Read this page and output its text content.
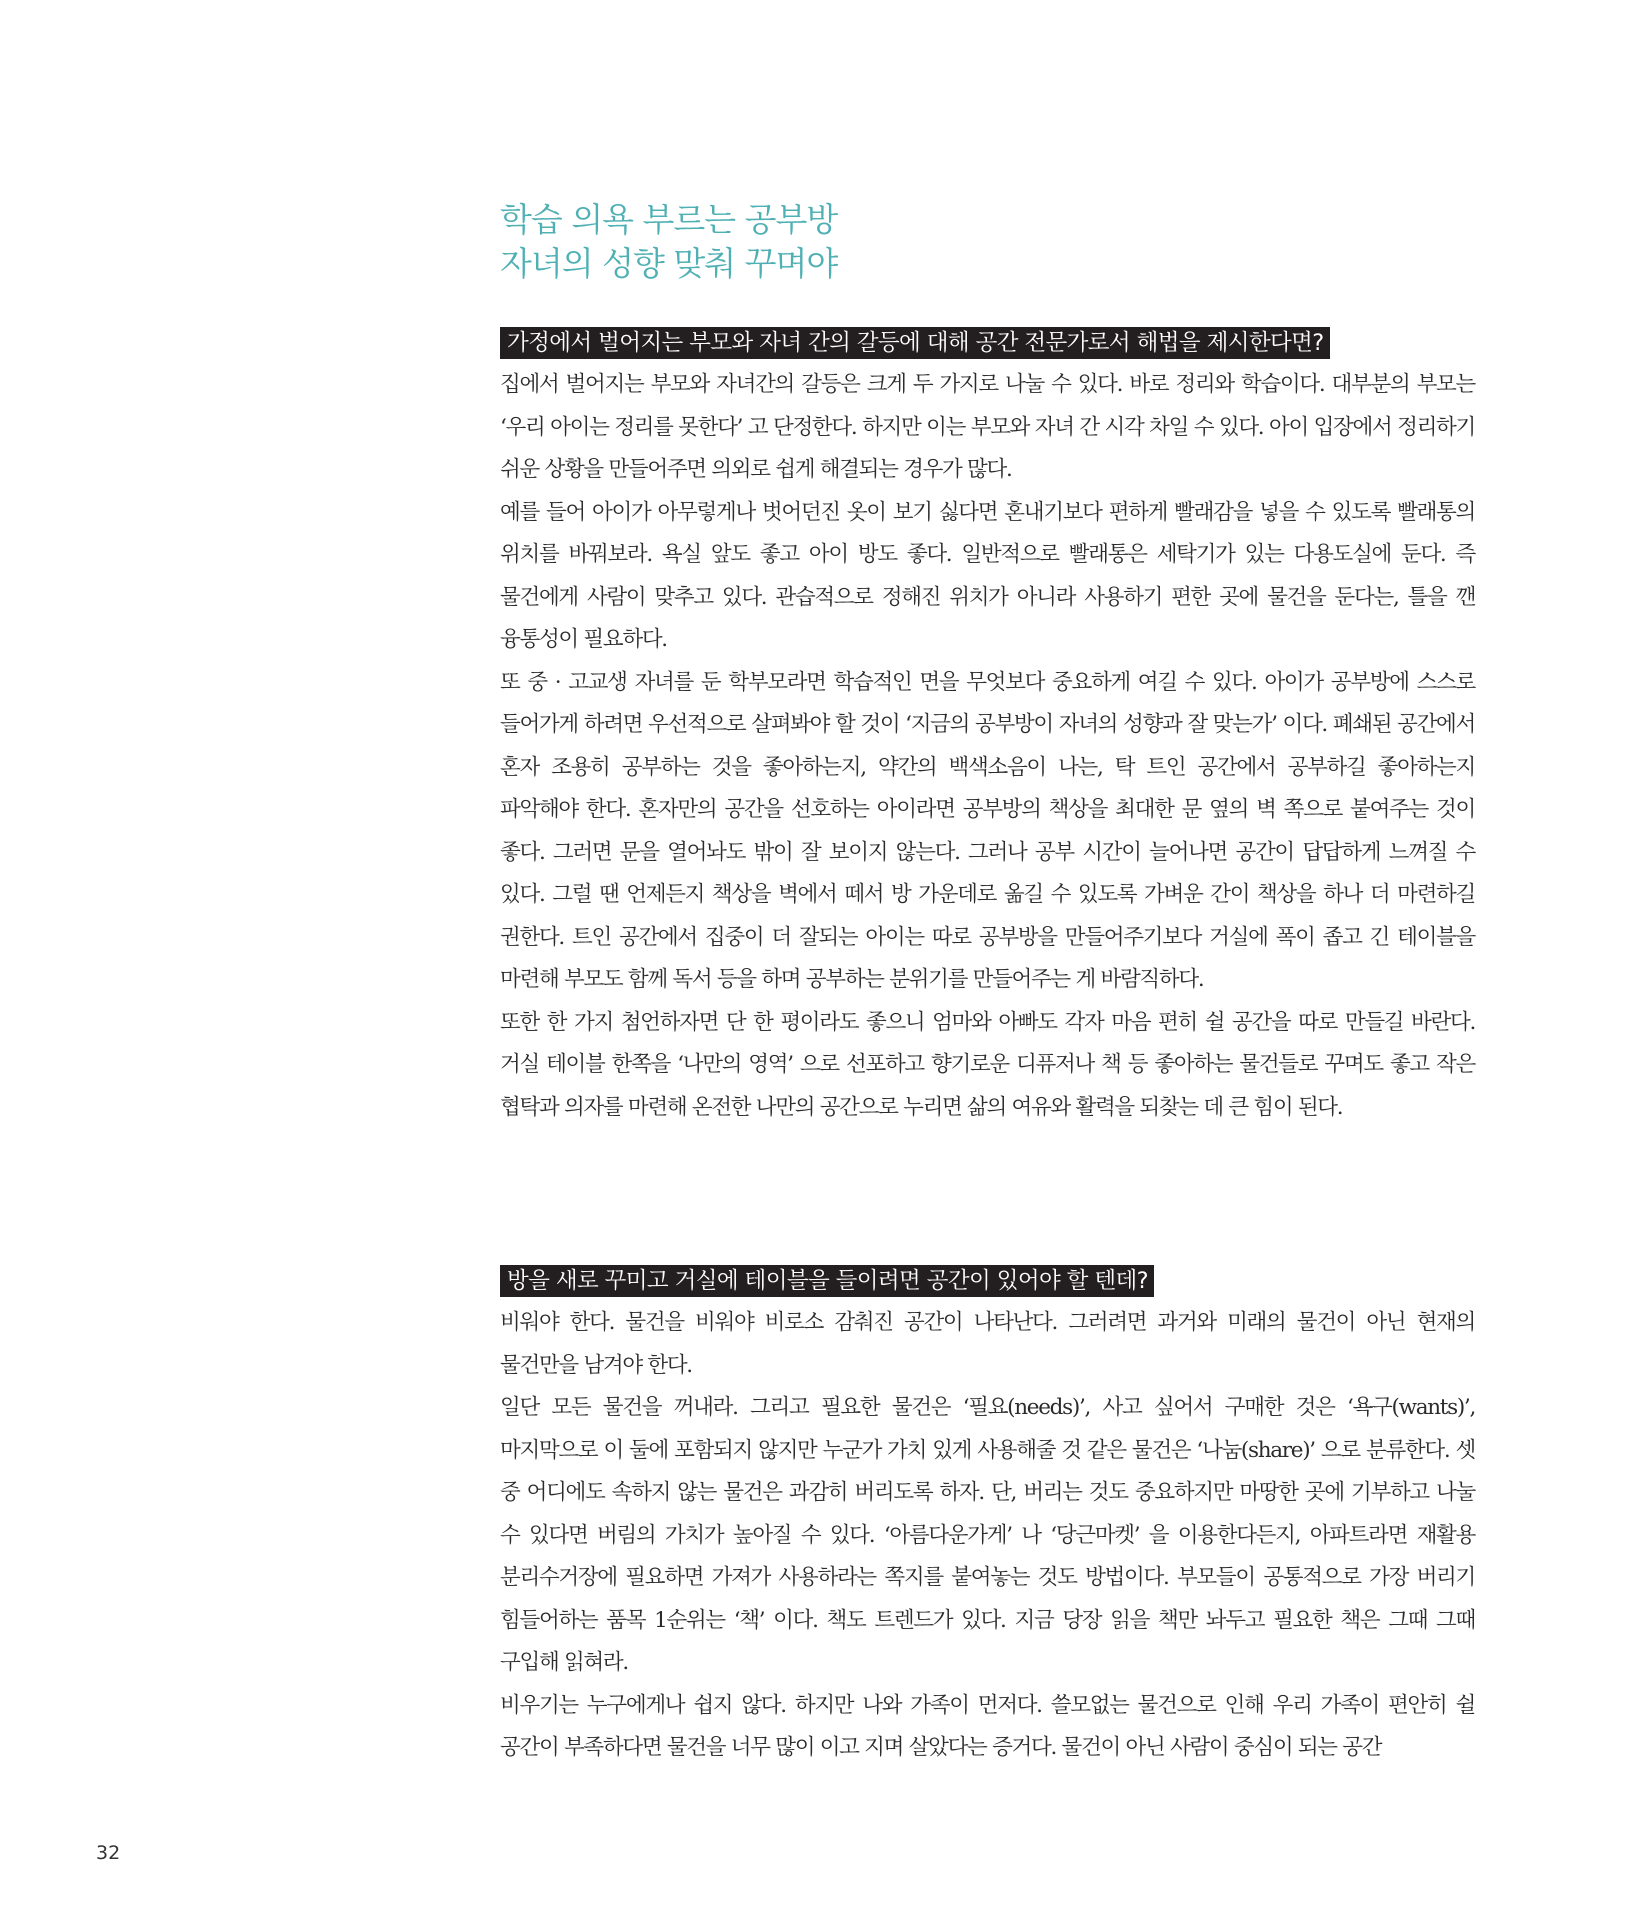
학습 의욕 부르는 공부방
자녀의 성향 맞춰 꾸며야
가정에서 벌어지는 부모와 자녀 간의 갈등에 대해 공간 전문가로서 해법을 제시한다면?

집에서 벌어지는 부모와 자녀간의 갈등은 크게 두 가지로 나눌 수 있다. 바로 정리와 학습이다. 대부분의 부모는 ‘우리 아이는 정리를 못한다’ 고 단정한다. 하지만 이는 부모와 자녀 간 시각 차일 수 있다. 아이 입장에서 정리하기 쉬운 상황을 만들어주면 의외로 쉽게 해결되는 경우가 많다.

예를 들어 아이가 아무렇게나 벗어던진 옷이 보기 싫다면 혼내기보다 편하게 빨래감을 넣을 수 있도록 빨래통의 위치를 바꿔보라. 욕실 앞도 좋고 아이 방도 좋다. 일반적으로 빨래통은 세탁기가 있는 다용도실에 둔다. 즉 물건에게 사람이 맞추고 있다. 관습적으로 정해진 위치가 아니라 사용하기 편한 곳에 물건을 둔다는, 틀을 깬 융통성이 필요하다.

또 중 · 고교생 자녀를 둔 학부모라면 학습적인 면을 무엇보다 중요하게 여길 수 있다. 아이가 공부방에 스스로 들어가게 하려면 우선적으로 살펴봐야 할 것이 ‘지금의 공부방이 자녀의 성향과 잘 맞는가’ 이다. 폐쇄된 공간에서 혼자 조용히 공부하는 것을 좋아하는지, 약간의 백색소음이 나는, 탁 트인 공간에서 공부하길 좋아하는지 파악해야 한다. 혼자만의 공간을 선호하는 아이라면 공부방의 책상을 최대한 문 옆의 벽 쪽으로 붙여주는 것이 좋다. 그러면 문을 열어놔도 밖이 잘 보이지 않는다. 그러나 공부 시간이 늘어나면 공간이 답답하게 느껴질 수 있다. 그럴 땐 언제든지 책상을 벽에서 떼서 방 가운데로 옮길 수 있도록 가벼운 간이 책상을 하나 더 마련하길 권한다. 트인 공간에서 집중이 더 잘되는 아이는 따로 공부방을 만들어주기보다 거실에 폭이 좁고 긴 테이블을 마련해 부모도 함께 독서 등을 하며 공부하는 분위기를 만들어주는 게 바람직하다.

또한 한 가지 첨언하자면 단 한 평이라도 좋으니 엄마와 아빠도 각자 마음 편히 쉴 공간을 따로 만들길 바란다. 거실 테이블 한쪽을 ‘나만의 영역’ 으로 선포하고 향기로운 디퓨저나 책 등 좋아하는 물건들로 꾸며도 좋고 작은 협탁과 의자를 마련해 온전한 나만의 공간으로 누리면 삶의 여유와 활력을 되찾는 데 큰 힘이 된다.

방을 새로 꾸미고 거실에 테이블을 들이려면 공간이 있어야 할 텐데?

비워야 한다. 물건을 비워야 비로소 감춰진 공간이 나타난다. 그러려면 과거와 미래의 물건이 아닌 현재의 물건만을 남겨야 한다.

일단 모든 물건을 꺼내라. 그리고 필요한 물건은 ‘필요(needs)’, 사고 싶어서 구매한 것은 ‘욕구(wants)’, 마지막으로 이 둘에 포함되지 않지만 누군가 가치 있게 사용해줄 것 같은 물건은 ‘나눔(share)’ 으로 분류한다. 셋 중 어디에도 속하지 않는 물건은 과감히 버리도록 하자. 단, 버리는 것도 중요하지만 마땅한 곳에 기부하고 나눌 수 있다면 버림의 가치가 높아질 수 있다. ‘아름다운가게’ 나 ‘당근마켓’ 을 이용한다든지, 아파트라면 재활용 분리수거장에 필요하면 가져가 사용하라는 쪽지를 붙여놓는 것도 방법이다. 부모들이 공통적으로 가장 버리기 힘들어하는 품목 1순위는 ‘책’ 이다. 책도 트렌드가 있다. 지금 당장 읽을 책만 놔두고 필요한 책은 그때 그때 구입해 읽혀라.

비우기는 누구에게나 쉽지 않다. 하지만 나와 가족이 먼저다. 쓸모없는 물건으로 인해 우리 가족이 편안히 쉴 공간이 부족하다면 물건을 너무 많이 이고 지며 살았다는 증거다. 물건이 아닌 사람이 중심이 되는 공간

32
